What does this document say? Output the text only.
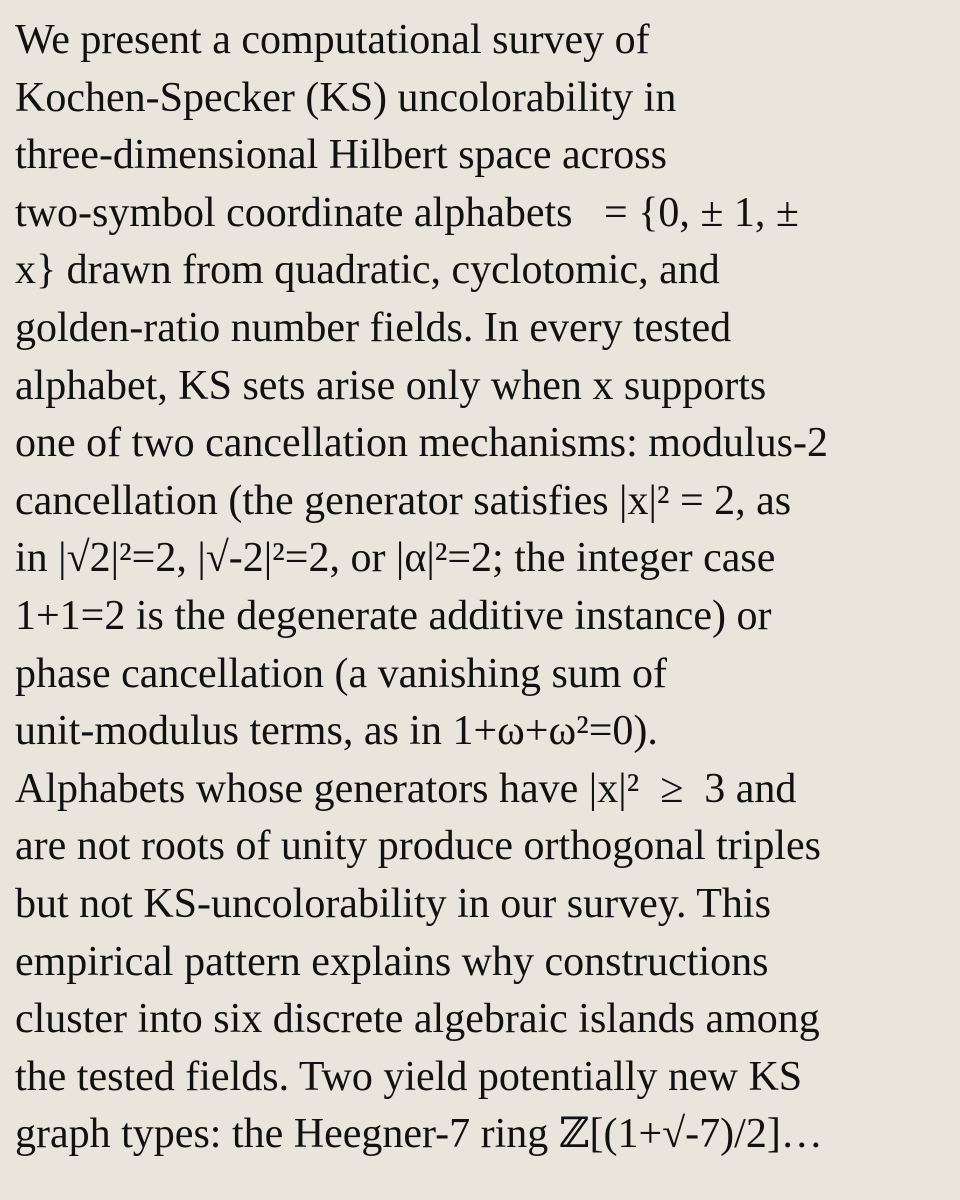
We present a computational survey of
Kochen-Specker (KS) uncolorability in
three-dimensional Hilbert space across
two-symbol coordinate alphabets   = {0, ± 1, ±
x} drawn from quadratic, cyclotomic, and
golden-ratio number fields. In every tested
alphabet, KS sets arise only when x supports
one of two cancellation mechanisms: modulus-2
cancellation (the generator satisfies |x|² = 2, as
in |√2|²=2, |√-2|²=2, or |α|²=2; the integer case
1+1=2 is the degenerate additive instance) or
phase cancellation (a vanishing sum of
unit-modulus terms, as in 1+ω+ω²=0).
Alphabets whose generators have |x|²  ≥  3 and
are not roots of unity produce orthogonal triples
but not KS-uncolorability in our survey. This
empirical pattern explains why constructions
cluster into six discrete algebraic islands among
the tested fields. Two yield potentially new KS
graph types: the Heegner-7 ring ℤ[(1+√-7)/2]…
